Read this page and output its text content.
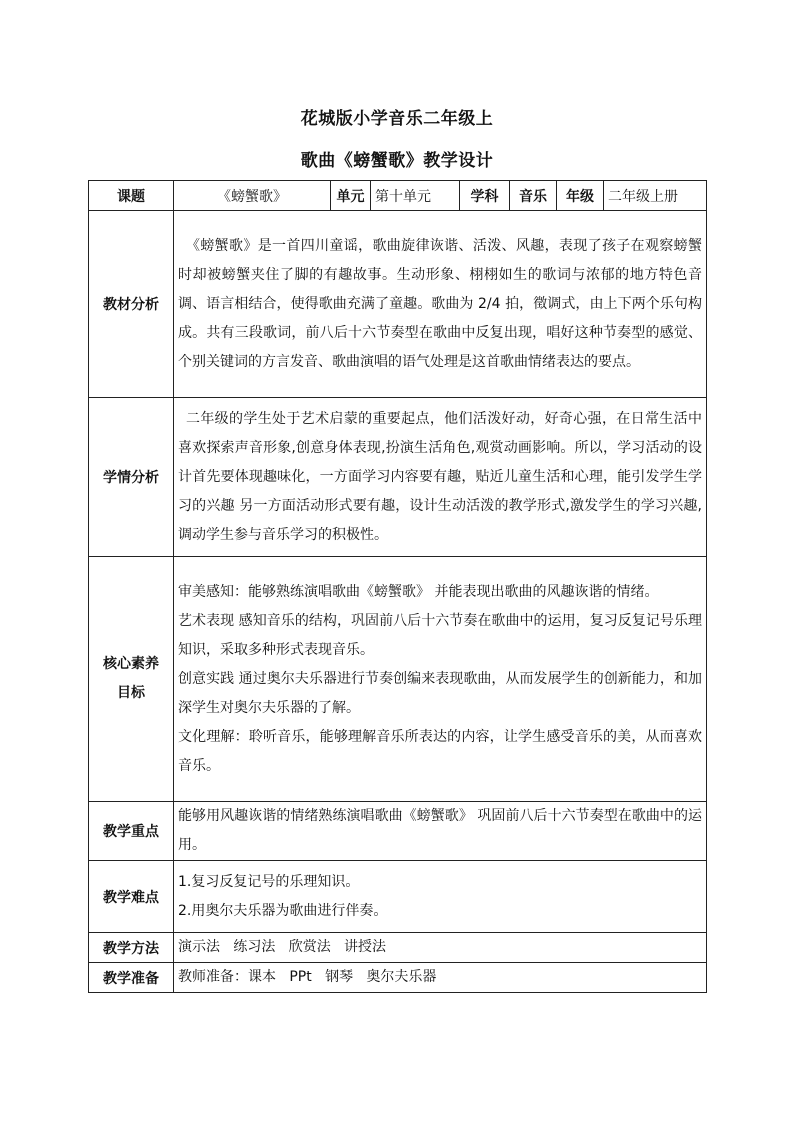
花城版小学音乐二年级上
歌曲《螃蟹歌》教学设计
课题	《螃蟹歌》	单元	第十单元	学科	音乐	年级	二年级上册
教材分析	《螃蟹歌》是一首四川童谣，歌曲旋律诙谐、活泼、风趣，表现了孩子在观察螃蟹时却被螃蟹夹住了脚的有趣故事。生动形象、栩栩如生的歌词与浓郁的地方特色音调、语言相结合，使得歌曲充满了童趣。歌曲为 2/4 拍，徵调式，由上下两个乐句构成。共有三段歌词，前八后十六节奏型在歌曲中反复出现，唱好这种节奏型的感觉、个别关键词的方言发音、歌曲演唱的语气处理是这首歌曲情绪表达的要点。						

学情分析	二年级的学生处于艺术启蒙的重要起点，他们活泼好动，好奇心强，在日常生活中喜欢探索声音形象,创意身体表现,扮演生活角色,观赏动画影响。所以，学习活动的设计首先要体现趣味化，一方面学习内容要有趣，贴近儿童生活和心理，能引发学生学习的兴趣 另一方面活动形式要有趣，设计生动活泼的教学形式,激发学生的学习兴趣,调动学生参与音乐学习的积极性。						

核心素养
目标	审美感知：能够熟练演唱歌曲《螃蟹歌》 并能表现出歌曲的风趣诙谐的情绪。
艺术表现 感知音乐的结构，巩固前八后十六节奏在歌曲中的运用，复习反复记号乐理知识，采取多种形式表现音乐。
创意实践 通过奥尔夫乐器进行节奏创编来表现歌曲，从而发展学生的创新能力，和加深学生对奥尔夫乐器的了解。
文化理解：聆听音乐，能够理解音乐所表达的内容，让学生感受音乐的美，从而喜欢音乐。						

教学重点	能够用风趣诙谐的情绪熟练演唱歌曲《螃蟹歌》 巩固前八后十六节奏型在歌曲中的运用。						

教学难点	1.复习反复记号的乐理知识。
2.用奥尔夫乐器为歌曲进行伴奏。						

教学方法	演示法   练习法   欣赏法   讲授法						
教学准备	教师准备：课本   PPt   钢琴   奥尔夫乐器						
